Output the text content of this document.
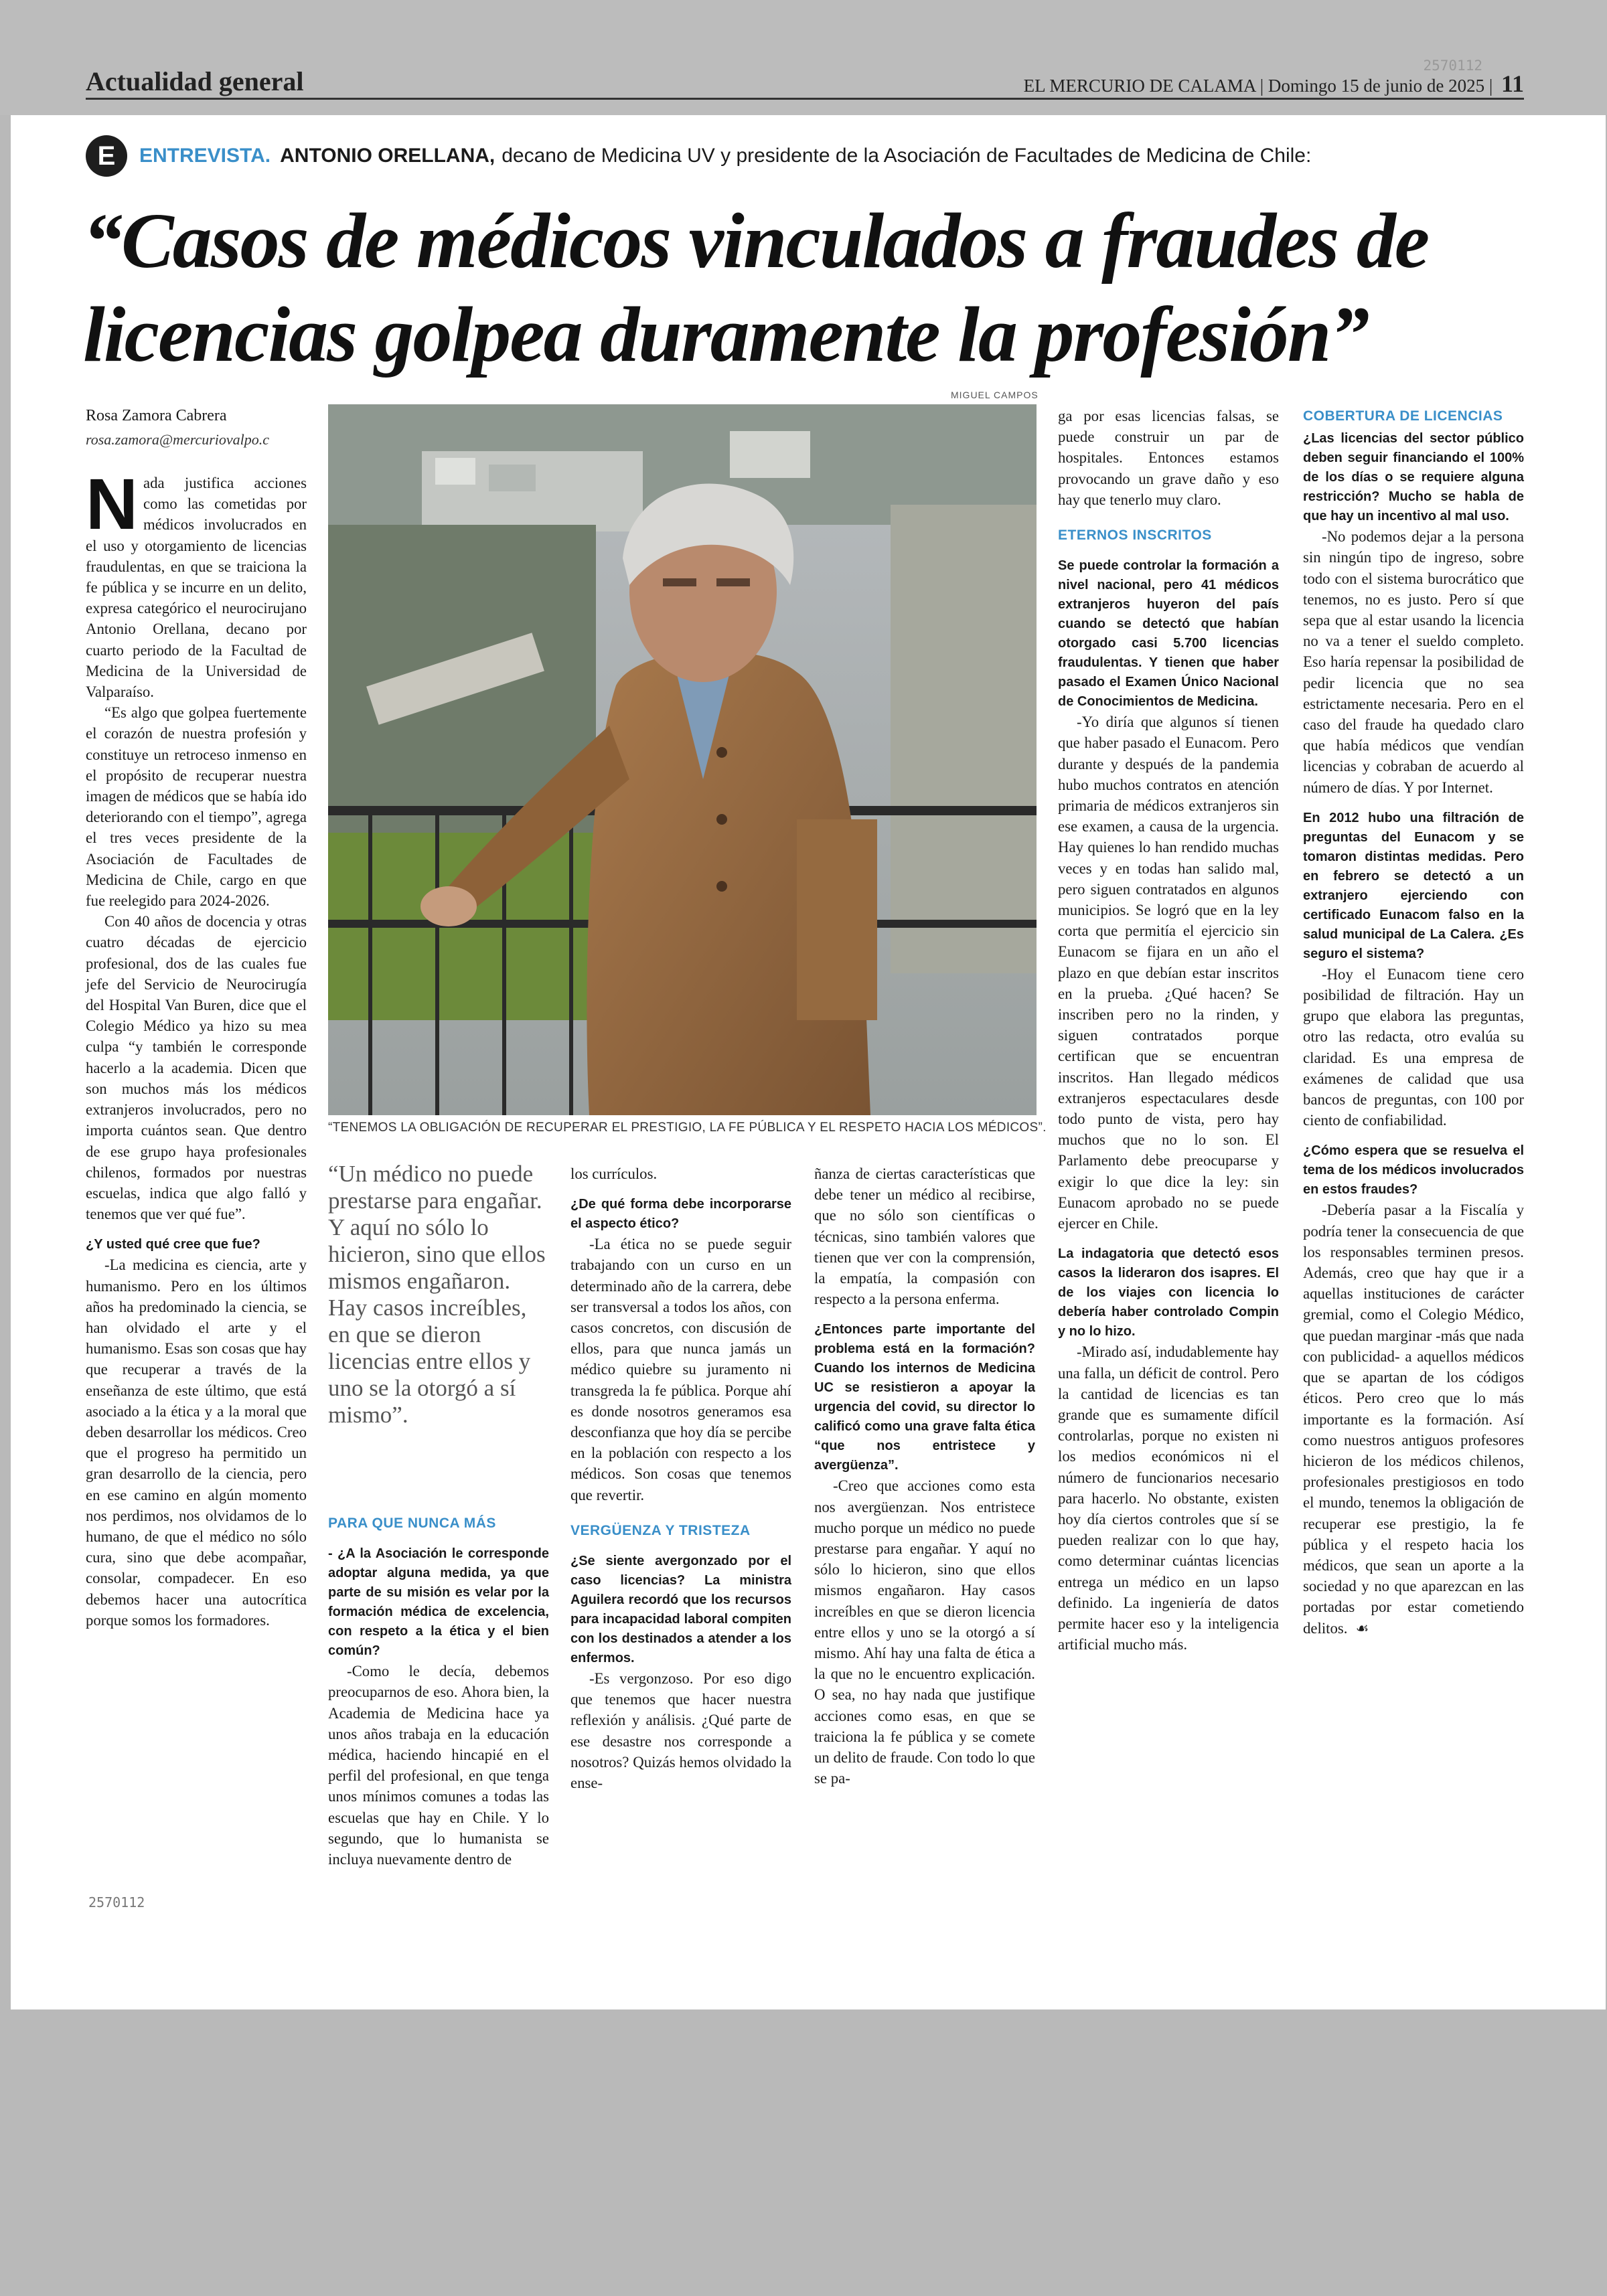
Actualidad general
2570112
EL MERCURIO DE CALAMA | Domingo 15 de junio de 2025 | 11
E	ENTREVISTA. ANTONIO ORELLANA, decano de Medicina UV y presidente de la Asociación de Facultades de Medicina de Chile:
“Casos de médicos vinculados a fraudes de licencias golpea duramente la profesión”
Rosa Zamora Cabrera
rosa.zamora@mercuriovalpo.c
MIGUEL CAMPOS
“TENEMOS LA OBLIGACIÓN DE RECUPERAR EL PRESTIGIO, LA FE PÚBLICA Y EL RESPETO HACIA LOS MÉDICOS”.
“Un médico no puede prestarse para engañar. Y aquí no sólo lo hicieron, sino que ellos mismos engañaron. Hay casos increíbles, en que se dieron licencias entre ellos y uno se la otorgó a sí mismo”.

Nada justifica acciones como las cometidas por médicos involucrados en el uso y otorgamiento de licencias fraudulentas, en que se traiciona la fe pública y se incurre en un delito, expresa categórico el neurocirujano Antonio Orellana, decano por cuarto periodo de la Facultad de Medicina de la Universidad de Valparaíso.

“Es algo que golpea fuertemente el corazón de nuestra profesión y constituye un retroceso inmenso en el propósito de recuperar nuestra imagen de médicos que se había ido deteriorando con el tiempo”, agrega el tres veces presidente de la Asociación de Facultades de Medicina de Chile, cargo en que fue reelegido para 2024-2026.

Con 40 años de docencia y otras cuatro décadas de ejercicio profesional, dos de las cuales fue jefe del Servicio de Neurocirugía del Hospital Van Buren, dice que el Colegio Médico ya hizo su mea culpa “y también le corresponde hacerlo a la academia. Dicen que son muchos más los médicos extranjeros involucrados, pero no importa cuántos sean. Que dentro de ese grupo haya profesionales chilenos, formados por nuestras escuelas, indica que algo falló y tenemos que ver qué fue”.

¿Y usted qué cree que fue?

-La medicina es ciencia, arte y humanismo. Pero en los últimos años ha predominado la ciencia, se han olvidado el arte y el humanismo. Esas son cosas que hay que recuperar a través de la enseñanza de este último, que está asociado a la ética y a la moral que deben desarrollar los médicos. Creo que el progreso ha permitido un gran desarrollo de la ciencia, pero en ese camino en algún momento nos perdimos, nos olvidamos de lo humano, de que el médico no sólo cura, sino que debe acompañar, consolar, compadecer. En eso debemos hacer una autocrítica porque somos los formadores.

PARA QUE NUNCA MÁS

- ¿A la Asociación le corresponde adoptar alguna medida, ya que parte de su misión es velar por la formación médica de excelencia, con respeto a la ética y el bien común?

-Como le decía, debemos preocuparnos de eso. Ahora bien, la Academia de Medicina hace ya unos años trabaja en la educación médica, haciendo hincapié en el perfil del profesional, en que tenga unos mínimos comunes a todas las escuelas que hay en Chile. Y lo segundo, que lo humanista se incluya nuevamente dentro de

los currículos.

¿De qué forma debe incorporarse el aspecto ético?

-La ética no se puede seguir trabajando con un curso en un determinado año de la carrera, debe ser transversal a todos los años, con casos concretos, con discusión de ellos, para que nunca jamás un médico quiebre su juramento ni transgreda la fe pública. Porque ahí es donde nosotros generamos esa desconfianza que hoy día se percibe en la población con respecto a los médicos. Son cosas que tenemos que revertir.

VERGÜENZA Y TRISTEZA

¿Se siente avergonzado por el caso licencias? La ministra Aguilera recordó que los recursos para incapacidad laboral compiten con los destinados a atender a los enfermos.

-Es vergonzoso. Por eso digo que tenemos que hacer nuestra reflexión y análisis. ¿Qué parte de ese desastre nos corresponde a nosotros? Quizás hemos olvidado la ense-

ñanza de ciertas características que debe tener un médico al recibirse, que no sólo son científicas o técnicas, sino también valores que tienen que ver con la comprensión, la empatía, la compasión con respecto a la persona enferma.

¿Entonces parte importante del problema está en la formación? Cuando los internos de Medicina UC se resistieron a apoyar la urgencia del covid, su director lo calificó como una grave falta ética “que nos entristece y avergüenza”.

-Creo que acciones como esta nos avergüenzan. Nos entristece mucho porque un médico no puede prestarse para engañar. Y aquí no sólo lo hicieron, sino que ellos mismos engañaron. Hay casos increíbles en que se dieron licencia entre ellos y uno se la otorgó a sí mismo. Ahí hay una falta de ética a la que no le encuentro explicación. O sea, no hay nada que justifique acciones como esas, en que se traiciona la fe pública y se comete un delito de fraude. Con todo lo que se pa-

ga por esas licencias falsas, se puede construir un par de hospitales. Entonces estamos provocando un grave daño y eso hay que tenerlo muy claro.

ETERNOS INSCRITOS

Se puede controlar la formación a nivel nacional, pero 41 médicos extranjeros huyeron del país cuando se detectó que habían otorgado casi 5.700 licencias fraudulentas. Y tienen que haber pasado el Examen Único Nacional de Conocimientos de Medicina.

-Yo diría que algunos sí tienen que haber pasado el Eunacom. Pero durante y después de la pandemia hubo muchos contratos en atención primaria de médicos extranjeros sin ese examen, a causa de la urgencia. Hay quienes lo han rendido muchas veces y en todas han salido mal, pero siguen contratados en algunos municipios. Se logró que en la ley corta que permitía el ejercicio sin Eunacom se fijara en un año el plazo en que debían estar inscritos en la prueba. ¿Qué hacen? Se inscriben pero no la rinden, y siguen contratados porque certifican que se encuentran inscritos. Han llegado médicos extranjeros espectaculares desde todo punto de vista, pero hay muchos que no lo son. El Parlamento debe preocuparse y exigir lo que dice la ley: sin Eunacom aprobado no se puede ejercer en Chile.

La indagatoria que detectó esos casos la lideraron dos isapres. El de los viajes con licencia lo debería haber controlado Compin y no lo hizo.

-Mirado así, indudablemente hay una falla, un déficit de control. Pero la cantidad de licencias es tan grande que es sumamente difícil controlarlas, porque no existen ni los medios económicos ni el número de funcionarios necesario para hacerlo. No obstante, existen hoy día ciertos controles que sí se pueden realizar con lo que hay, como determinar cuántas licencias entrega un médico en un lapso definido. La ingeniería de datos permite hacer eso y la inteligencia artificial mucho más.

COBERTURA DE LICENCIAS

¿Las licencias del sector público deben seguir financiando el 100% de los días o se requiere alguna restricción? Mucho se habla de que hay un incentivo al mal uso.

-No podemos dejar a la persona sin ningún tipo de ingreso, sobre todo con el sistema burocrático que tenemos, no es justo. Pero sí que sepa que al estar usando la licencia no va a tener el sueldo completo. Eso haría repensar la posibilidad de pedir licencia que no sea estrictamente necesaria. Pero en el caso del fraude ha quedado claro que había médicos que vendían licencias y cobraban de acuerdo al número de días. Y por Internet.

En 2012 hubo una filtración de preguntas del Eunacom y se tomaron distintas medidas. Pero en febrero se detectó a un extranjero ejerciendo con certificado Eunacom falso en la salud municipal de La Calera. ¿Es seguro el sistema?

-Hoy el Eunacom tiene cero posibilidad de filtración. Hay un grupo que elabora las preguntas, otro las redacta, otro evalúa su claridad. Es una empresa de exámenes de calidad que usa bancos de preguntas, con 100 por ciento de confiabilidad.

¿Cómo espera que se resuelva el tema de los médicos involucrados en estos fraudes?

-Debería pasar a la Fiscalía y podría tener la consecuencia de que los responsables terminen presos. Además, creo que hay que ir a aquellas instituciones de carácter gremial, como el Colegio Médico, que puedan marginar -más que nada con publicidad- a aquellos médicos que se apartan de los códigos éticos. Pero creo que lo más importante es la formación. Así como nuestros antiguos profesores hicieron de los médicos chilenos, profesionales prestigiosos en todo el mundo, tenemos la obligación de recuperar ese prestigio, la fe pública y el respeto hacia los médicos, que sean un aporte a la sociedad y no que aparezcan en las portadas por estar cometiendo delitos. ☙

2570112
